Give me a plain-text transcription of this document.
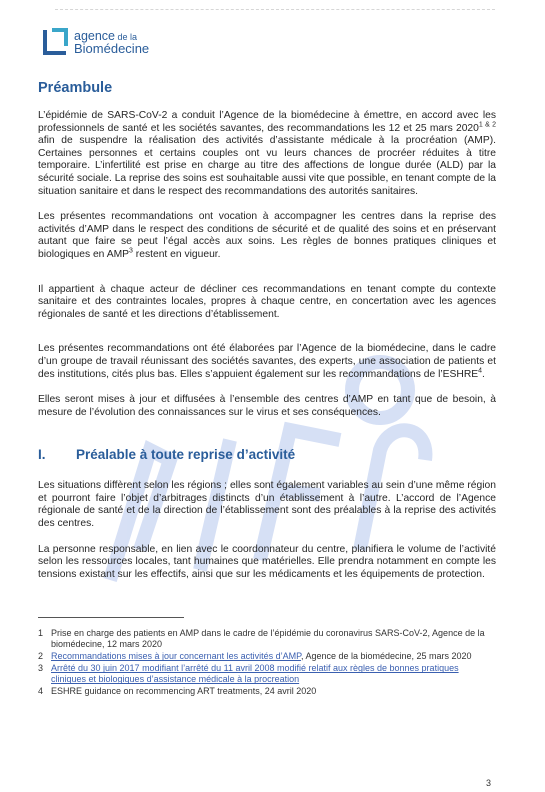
agence de la
Biomédecine
Préambule

L’épidémie de SARS-CoV-2 a conduit l’Agence de la biomédecine à émettre, en accord avec les professionnels de santé et les sociétés savantes, des recommandations les 12 et 25 mars $2020^{1 \& 2}$ afin de suspendre la réalisation des activités d’assistante médicale à la procréation (AMP). Certaines personnes et certains couples ont vu leurs chances de procréer réduites à titre temporaire. L’infertilité est prise en charge au titre des affections de longue durée (ALD) par la sécurité sociale. La reprise des soins est souhaitable aussi vite que possible, en tenant compte de la situation sanitaire et dans le respect des recommandations des autorités sanitaires.

Les présentes recommandations ont vocation à accompagner les centres dans la reprise des activités d’AMP dans le respect des conditions de sécurité et de qualité des soins et en préservant autant que faire se peut l’égal accès aux soins. Les règles de bonnes pratiques cliniques et biologiques en AMP$^3$ restent en vigueur.

Il appartient à chaque acteur de décliner ces recommandations en tenant compte du contexte sanitaire et des contraintes locales, propres à chaque centre, en concertation avec les agences régionales de santé et les directions d’établissement.

Les présentes recommandations ont été élaborées par l’Agence de la biomédecine, dans le cadre d’un groupe de travail réunissant des sociétés savantes, des experts, une association de patients et des institutions, cités plus bas. Elles s’appuient également sur les recommandations de l’ESHRE$^4$.

Elles seront mises à jour et diffusées à l’ensemble des centres d’AMP en tant que de besoin, à mesure de l’évolution des connaissances sur le virus et ses conséquences.

I.	Préalable à toute reprise d’activité

Les situations diffèrent selon les régions ; elles sont également variables au sein d’une même région et pourront faire l’objet d’arbitrages distincts d’un établissement à l’autre. L’accord de l’Agence régionale de santé et de la direction de l’établissement sont des préalables à la reprise des activités des centres.

La personne responsable, en lien avec le coordonnateur du centre, planifiera le volume de l’activité selon les ressources locales, tant humaines que matérielles. Elle prendra notamment en compte les tensions existant sur les effectifs, ainsi que sur les médicaments et les équipements de protection.

1 Prise en charge des patients en AMP dans le cadre de l’épidémie du coronavirus SARS-CoV-2, Agence de la biomédecine, 12 mars 2020
2 Recommandations mises à jour concernant les activités d’AMP, Agence de la biomédecine, 25 mars 2020
3 Arrêté du 30 juin 2017 modifiant l’arrêté du 11 avril 2008 modifié relatif aux règles de bonnes pratiques cliniques et biologiques d’assistance médicale à la procreation
4 ESHRE guidance on recommencing ART treatments, 24 avril 2020
3
